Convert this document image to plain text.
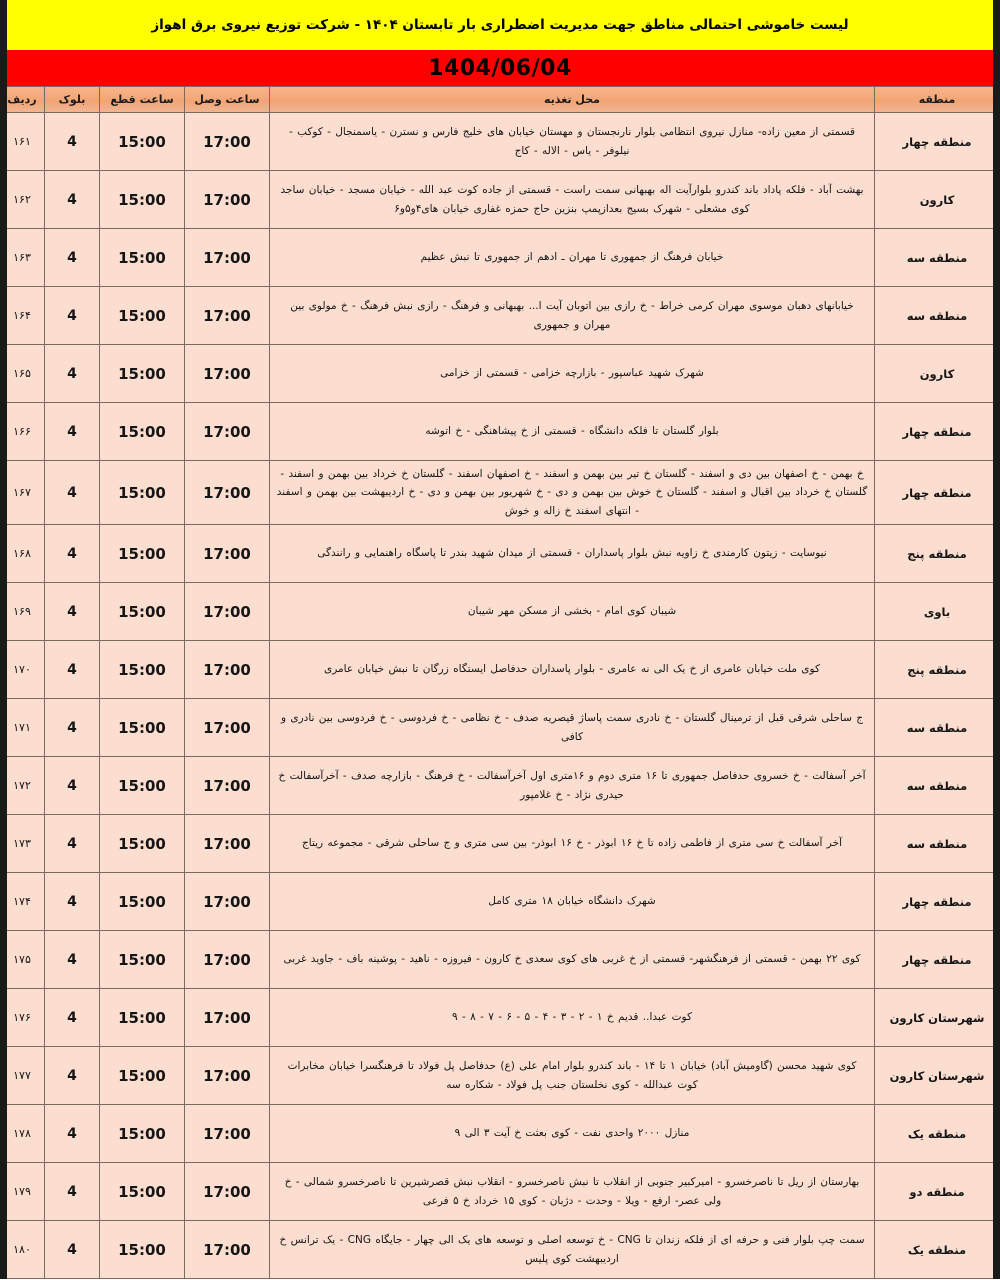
لیست خاموشی احتمالی مناطق جهت مدیریت اضطراری بار تابستان ۱۴۰۴ - شرکت توزیع نیروی برق اهواز
1404/06/04
منطقه	محل تغذیه	ساعت وصل	ساعت قطع	بلوک	ردیف
منطقه چهار	قسمتی از معین زاده- منازل نیروی انتظامی بلوار نارنجستان و مهستان خیابان های خلیج فارس و نسترن - یاسمنجال - کوکب - نیلوفر - یاس - الاله - کاج	17:00	15:00	4	۱۶۱
کارون	بهشت آباد - فلکه پاداد باند کندرو بلوارآیت اله بهبهانی سمت راست - قسمتی از جاده کوت عبد الله - خیابان مسجد - خیابان ساجد کوی مشعلی - شهرک بسیج بعدازپمپ بنزین حاج حمزه غفاری خیابان های۴و۵و۶	17:00	15:00	4	۱۶۲
منطقه سه	خیابان فرهنگ از جمهوری تا مهران ـ ادهم از جمهوری تا نبش عظیم	17:00	15:00	4	۱۶۳
منطقه سه	خیابانهای دهبان موسوی مهران کرمی خراط - خ رازی بین اتوبان آیت ا... بهبهانی و فرهنگ - رازی نبش فرهنگ - خ مولوی بین مهران و جمهوری	17:00	15:00	4	۱۶۴
کارون	شهرک شهید عباسپور - بازارچه خزامی - قسمتی از خزامی	17:00	15:00	4	۱۶۵
منطقه چهار	بلوار گلستان تا فلکه دانشگاه - قسمتی از خ پیشاهنگی - خ اتوشه	17:00	15:00	4	۱۶۶
منطقه چهار	خ بهمن - خ اصفهان بین دی و اسفند - گلستان خ تیر بین بهمن و اسفند - خ اصفهان اسفند - گلستان خ خرداد بین بهمن و اسفند - گلستان خ خرداد بین اقبال و اسفند - گلستان خ خوش بین بهمن و دی - خ شهریور بین بهمن و دی - خ اردیبهشت بین بهمن و اسفند - انتهای اسفند خ زاله و خوش	17:00	15:00	4	۱۶۷
منطقه پنج	نیوسایت - زیتون کارمندی خ زاویه نبش بلوار پاسداران - قسمتی از میدان شهید بندر تا پاسگاه راهنمایی و رانندگی	17:00	15:00	4	۱۶۸
باوی	شیبان کوی امام - بخشی از مسکن مهر شیبان	17:00	15:00	4	۱۶۹
منطقه پنج	کوی ملت خیابان عامری از خ یک الی نه عامری - بلوار پاسداران حدفاصل ایستگاه زرگان تا نبش خیابان عامری	17:00	15:00	4	۱۷۰
منطقه سه	ج ساحلی شرقی قبل از ترمینال گلستان - خ نادری سمت پاساژ قیصریه صدف - خ نظامی - خ فردوسی - خ فردوسی بین نادری و کافی	17:00	15:00	4	۱۷۱
منطقه سه	آخر آسفالت - خ خسروی حدفاصل جمهوری تا ۱۶ متری دوم و ۱۶متری اول آخرآسفالت - خ فرهنگ - بازارچه صدف - آخرآسفالت خ حیدری نژاد - خ غلامپور	17:00	15:00	4	۱۷۲
منطقه سه	آخر آسفالت خ سی متری از فاطمی زاده تا خ ۱۶ ابوذر - خ ۱۶ ابوذر- بین سی متری و ج ساحلی شرقی - مجموعه ریتاج	17:00	15:00	4	۱۷۳
منطقه چهار	شهرک دانشگاه خیابان ۱۸ متری کامل	17:00	15:00	4	۱۷۴
منطقه چهار	کوی ۲۲ بهمن - قسمتی از فرهنگشهر- قسمتی از خ غربی های کوی سعدی خ کارون - فیروزه - ناهید - پوشینه باف - جاوید غربی	17:00	15:00	4	۱۷۵
شهرستان کارون	کوت عبدا.. قدیم خ ۱ - ۲ - ۳ - ۴ - ۵ - ۶ - ۷ - ۸ - ۹	17:00	15:00	4	۱۷۶
شهرستان کارون	کوی شهید محسن (گاومیش آباد) خیابان ۱ تا ۱۴ - باند کندرو بلوار امام علی (ع) حدفاصل پل فولاد تا فرهنگسرا خیابان مخابرات کوت عبدالله - کوی نخلستان جنب پل فولاد - شکاره سه	17:00	15:00	4	۱۷۷
منطقه یک	منازل ۲۰۰۰ واحدی نفت - کوی بعثت خ آیت ۳ الی ۹	17:00	15:00	4	۱۷۸
منطقه دو	بهارستان از ریل تا ناصرخسرو - امیرکبیر جنوبی از انقلاب تا نبش ناصرخسرو - انقلاب نبش قصرشیرین تا ناصرخسرو شمالی - خ ولی عصر- ارفع - ویلا - وحدت - دژبان - کوی ۱۵ خرداد خ ۵ فرعی	17:00	15:00	4	۱۷۹
منطقه یک	سمت چپ بلوار فنی و حرفه ای از فلکه زندان تا CNG - خ توسعه اصلی و توسعه های یک الی چهار - جایگاه CNG - یک ترانس خ اردیبهشت کوی پلیس	17:00	15:00	4	۱۸۰
